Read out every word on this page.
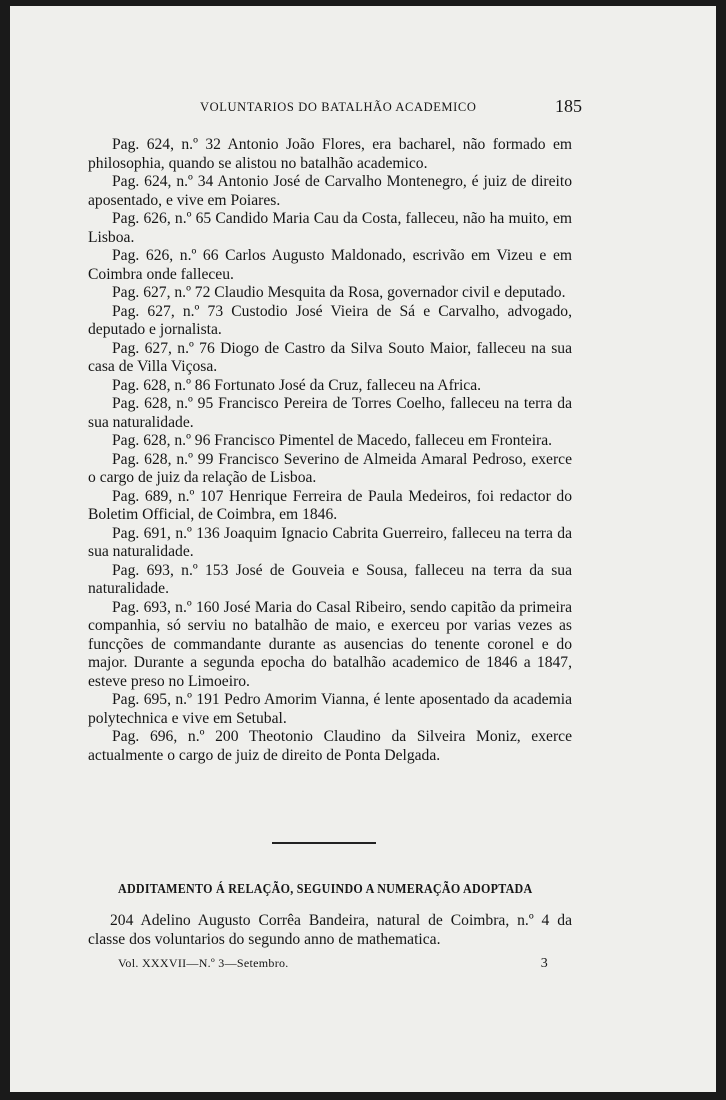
VOLUNTARIOS DO BATALHÃO ACADEMICO	185

Pag. 624, n.º 32 Antonio João Flores, era bacharel, não formado em philosophia, quando se alistou no batalhão academico.

Pag. 624, n.º 34 Antonio José de Carvalho Montenegro, é juiz de direito aposentado, e vive em Poiares.

Pag. 626, n.º 65 Candido Maria Cau da Costa, falleceu, não ha muito, em Lisboa.

Pag. 626, n.º 66 Carlos Augusto Maldonado, escrivão em Vizeu e em Coimbra onde falleceu.

Pag. 627, n.º 72 Claudio Mesquita da Rosa, governador civil e deputado.

Pag. 627, n.º 73 Custodio José Vieira de Sá e Carvalho, advogado, deputado e jornalista.

Pag. 627, n.º 76 Diogo de Castro da Silva Souto Maior, falleceu na sua casa de Villa Viçosa.

Pag. 628, n.º 86 Fortunato José da Cruz, falleceu na Africa.

Pag. 628, n.º 95 Francisco Pereira de Torres Coelho, falleceu na terra da sua naturalidade.

Pag. 628, n.º 96 Francisco Pimentel de Macedo, falleceu em Fronteira.

Pag. 628, n.º 99 Francisco Severino de Almeida Amaral Pedroso, exerce o cargo de juiz da relação de Lisboa.

Pag. 689, n.º 107 Henrique Ferreira de Paula Medeiros, foi redactor do Boletim Official, de Coimbra, em 1846.

Pag. 691, n.º 136 Joaquim Ignacio Cabrita Guerreiro, falleceu na terra da sua naturalidade.

Pag. 693, n.º 153 José de Gouveia e Sousa, falleceu na terra da sua naturalidade.

Pag. 693, n.º 160 José Maria do Casal Ribeiro, sendo capitão da primeira companhia, só serviu no batalhão de maio, e exerceu por varias vezes as funcções de commandante durante as ausencias do tenente coronel e do major. Durante a segunda epocha do batalhão academico de 1846 a 1847, esteve preso no Limoeiro.

Pag. 695, n.º 191 Pedro Amorim Vianna, é lente aposentado da academia polytechnica e vive em Setubal.

Pag. 696, n.º 200 Theotonio Claudino da Silveira Moniz, exerce actualmente o cargo de juiz de direito de Ponta Delgada.

ADDITAMENTO Á RELAÇÃO, SEGUINDO A NUMERAÇÃO ADOPTADA

204 Adelino Augusto Corrêa Bandeira, natural de Coimbra, n.º 4 da classe dos voluntarios do segundo anno de mathematica.

Vol. XXXVII—N.º 3—Setembro.	3
